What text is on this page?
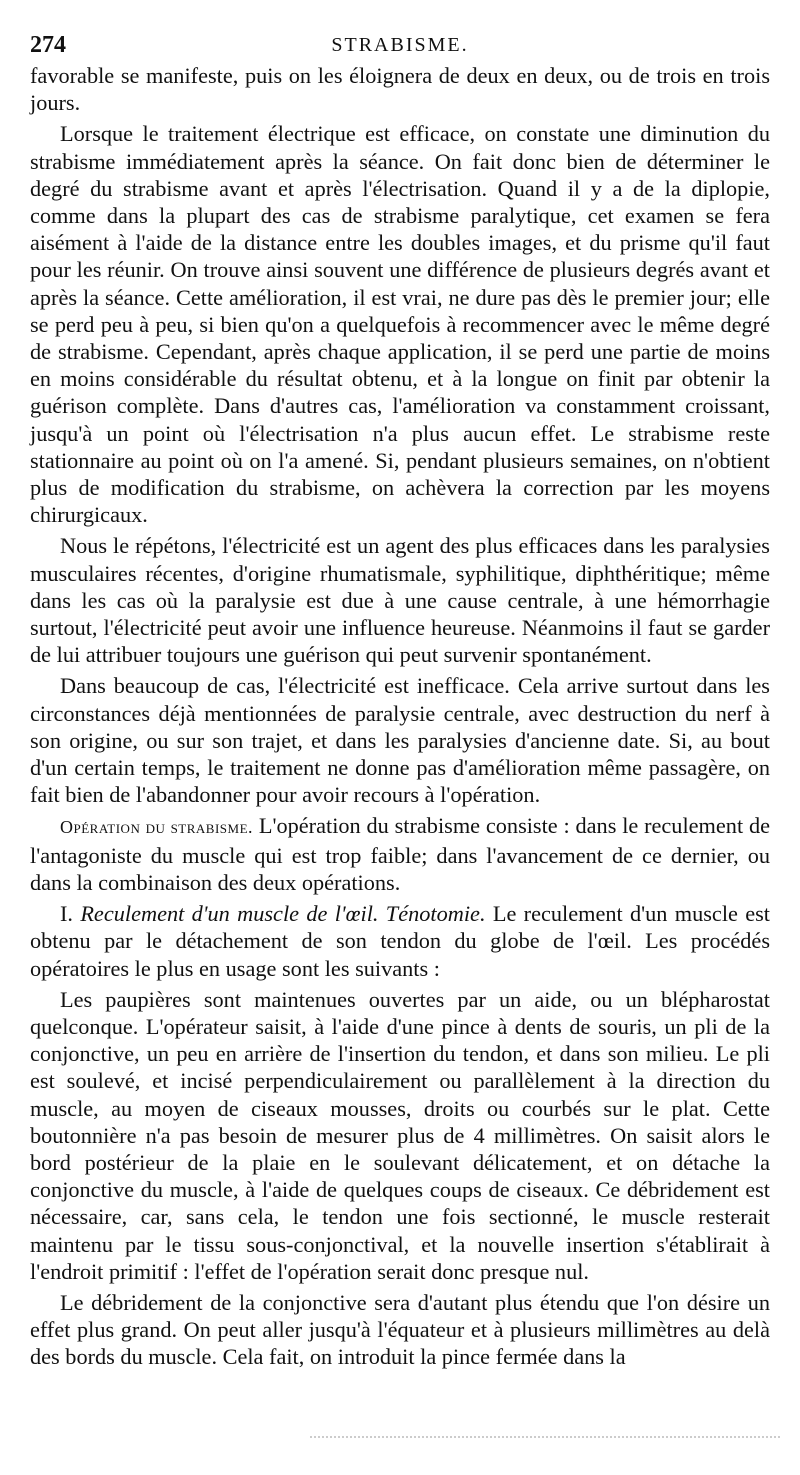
274	STRABISME.

favorable se manifeste, puis on les éloignera de deux en deux, ou de trois en trois jours.

Lorsque le traitement électrique est efficace, on constate une diminution du strabisme immédiatement après la séance. On fait donc bien de déterminer le degré du strabisme avant et après l'électrisation. Quand il y a de la diplopie, comme dans la plupart des cas de strabisme paralytique, cet examen se fera aisément à l'aide de la distance entre les doubles images, et du prisme qu'il faut pour les réunir. On trouve ainsi souvent une différence de plusieurs degrés avant et après la séance. Cette amélioration, il est vrai, ne dure pas dès le premier jour; elle se perd peu à peu, si bien qu'on a quelquefois à recommencer avec le même degré de strabisme. Cependant, après chaque application, il se perd une partie de moins en moins considérable du résultat obtenu, et à la longue on finit par obtenir la guérison complète. Dans d'autres cas, l'amélioration va constamment croissant, jusqu'à un point où l'électrisation n'a plus aucun effet. Le strabisme reste stationnaire au point où on l'a amené. Si, pendant plusieurs semaines, on n'obtient plus de modification du strabisme, on achèvera la correction par les moyens chirurgicaux.

Nous le répétons, l'électricité est un agent des plus efficaces dans les paralysies musculaires récentes, d'origine rhumatismale, syphilitique, diphthéritique; même dans les cas où la paralysie est due à une cause centrale, à une hémorrhagie surtout, l'électricité peut avoir une influence heureuse. Néanmoins il faut se garder de lui attribuer toujours une guérison qui peut survenir spontanément.

Dans beaucoup de cas, l'électricité est inefficace. Cela arrive surtout dans les circonstances déjà mentionnées de paralysie centrale, avec destruction du nerf à son origine, ou sur son trajet, et dans les paralysies d'ancienne date. Si, au bout d'un certain temps, le traitement ne donne pas d'amélioration même passagère, on fait bien de l'abandonner pour avoir recours à l'opération.

Opération du strabisme. L'opération du strabisme consiste : dans le reculement de l'antagoniste du muscle qui est trop faible; dans l'avancement de ce dernier, ou dans la combinaison des deux opérations.

I. Reculement d'un muscle de l'œil. Ténotomie. Le reculement d'un muscle est obtenu par le détachement de son tendon du globe de l'œil. Les procédés opératoires le plus en usage sont les suivants :

Les paupières sont maintenues ouvertes par un aide, ou un blépharostat quelconque. L'opérateur saisit, à l'aide d'une pince à dents de souris, un pli de la conjonctive, un peu en arrière de l'insertion du tendon, et dans son milieu. Le pli est soulevé, et incisé perpendiculairement ou parallèlement à la direction du muscle, au moyen de ciseaux mousses, droits ou courbés sur le plat. Cette boutonnière n'a pas besoin de mesurer plus de 4 millimètres. On saisit alors le bord postérieur de la plaie en le soulevant délicatement, et on détache la conjonctive du muscle, à l'aide de quelques coups de ciseaux. Ce débridement est nécessaire, car, sans cela, le tendon une fois sectionné, le muscle resterait maintenu par le tissu sous-conjonctival, et la nouvelle insertion s'établirait à l'endroit primitif : l'effet de l'opération serait donc presque nul.

Le débridement de la conjonctive sera d'autant plus étendu que l'on désire un effet plus grand. On peut aller jusqu'à l'équateur et à plusieurs millimètres au delà des bords du muscle. Cela fait, on introduit la pince fermée dans la
